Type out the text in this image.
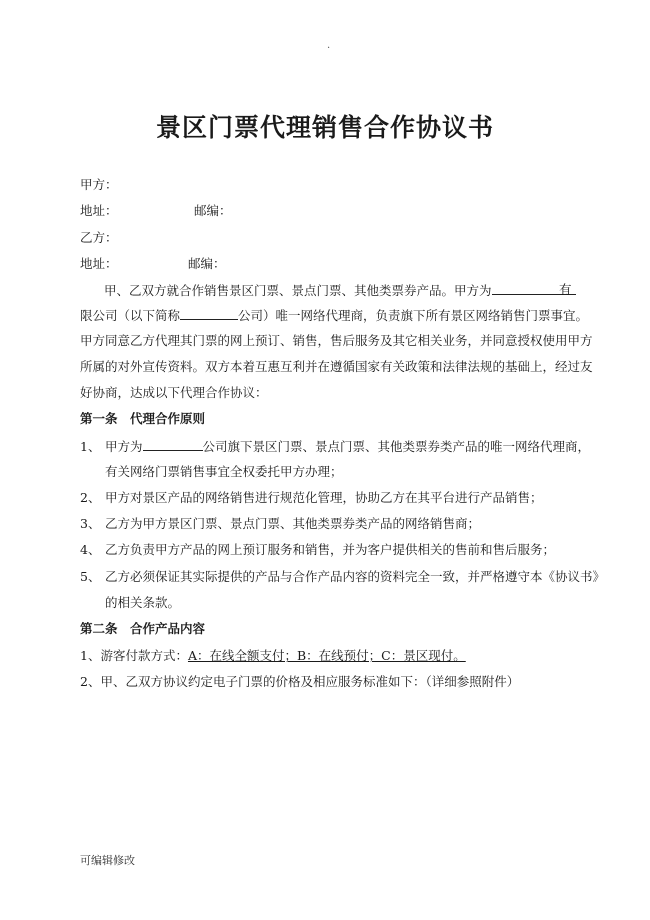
.
景区门票代理销售合作协议书
甲方：
地址：	邮编：
乙方：
地址：	邮编：
甲、乙双方就合作销售景区门票、景点门票、其他类票券产品。甲方为	有
限公司（以下简称	公司）唯一网络代理商，负责旗下所有景区网络销售门票事宜。
甲方同意乙方代理其门票的网上预订、销售，售后服务及其它相关业务，并同意授权使用甲方
所属的对外宣传资料。双方本着互惠互利并在遵循国家有关政策和法律法规的基础上，经过友
好协商，达成以下代理合作协议：
第一条　代理合作原则
1、 甲方为	公司旗下景区门票、景点门票、其他类票券类产品的唯一网络代理商，
有关网络门票销售事宜全权委托甲方办理；
2、 甲方对景区产品的网络销售进行规范化管理，协助乙方在其平台进行产品销售；
3、 乙方为甲方景区门票、景点门票、其他类票券类产品的网络销售商；
4、 乙方负责甲方产品的网上预订服务和销售，并为客户提供相关的售前和售后服务；
5、 乙方必须保证其实际提供的产品与合作产品内容的资料完全一致，并严格遵守本《协议书》
的相关条款。
第二条　合作产品内容
1、游客付款方式：A：在线全额支付；B：在线预付；C：景区现付。
2、甲、乙双方协议约定电子门票的价格及相应服务标准如下：（详细参照附件）
可编辑修改
